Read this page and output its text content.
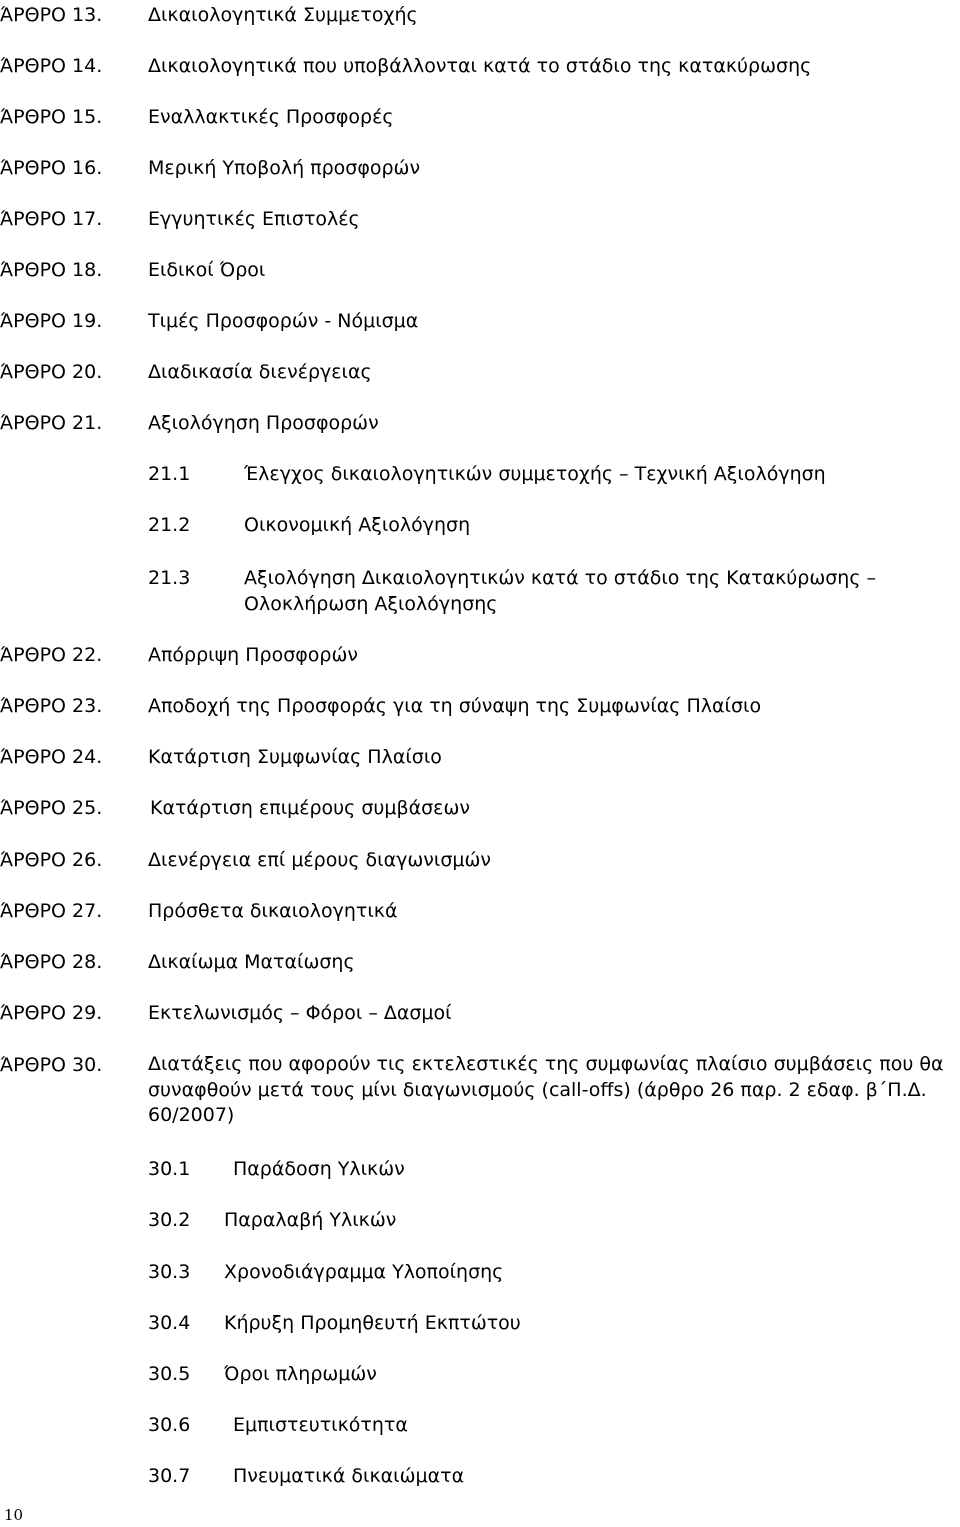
ΆΡΘΡΟ 13. Δικαιολογητικά Συμμετοχής
ΆΡΘΡΟ 14. Δικαιολογητικά που υποβάλλονται κατά το στάδιο της κατακύρωσης
ΆΡΘΡΟ 15. Εναλλακτικές Προσφορές
ΆΡΘΡΟ 16. Μερική Υποβολή προσφορών
ΆΡΘΡΟ 17. Εγγυητικές Επιστολές
ΆΡΘΡΟ 18. Ειδικοί Όροι
ΆΡΘΡΟ 19. Τιμές Προσφορών - Νόμισμα
ΆΡΘΡΟ 20. Διαδικασία διενέργειας
ΆΡΘΡΟ 21. Αξιολόγηση Προσφορών
21.1	Έλεγχος δικαιολογητικών συμμετοχής – Τεχνική Αξιολόγηση
21.2	Οικονομική Αξιολόγηση
21.3	Αξιολόγηση Δικαιολογητικών κατά το στάδιο της Κατακύρωσης – Ολοκλήρωση Αξιολόγησης
ΆΡΘΡΟ 22. Απόρριψη Προσφορών
ΆΡΘΡΟ 23. Αποδοχή της Προσφοράς για τη σύναψη της Συμφωνίας Πλαίσιο
ΆΡΘΡΟ 24. Κατάρτιση Συμφωνίας Πλαίσιο
ΆΡΘΡΟ 25.	Κατάρτιση επιμέρους συμβάσεων
ΆΡΘΡΟ 26. Διενέργεια επί μέρους διαγωνισμών
ΆΡΘΡΟ 27. Πρόσθετα δικαιολογητικά
ΆΡΘΡΟ 28. Δικαίωμα Ματαίωσης
ΆΡΘΡΟ 29. Εκτελωνισμός – Φόροι – Δασμοί
ΆΡΘΡΟ 30. Διατάξεις που αφορούν τις εκτελεστικές της συμφωνίας πλαίσιο συμβάσεις που θα συναφθούν μετά τους μίνι διαγωνισμούς (call-offs) (άρθρο 26 παρ. 2 εδαφ. β΄Π.Δ. 60/2007)
30.1 Παράδοση Υλικών
30.2 Παραλαβή Υλικών
30.3 Χρονοδιάγραμμα Υλοποίησης
30.4 Κήρυξη Προμηθευτή Εκπτώτου
30.5 Όροι πληρωμών
30.6 Εμπιστευτικότητα
30.7 Πνευματικά δικαιώματα
10
